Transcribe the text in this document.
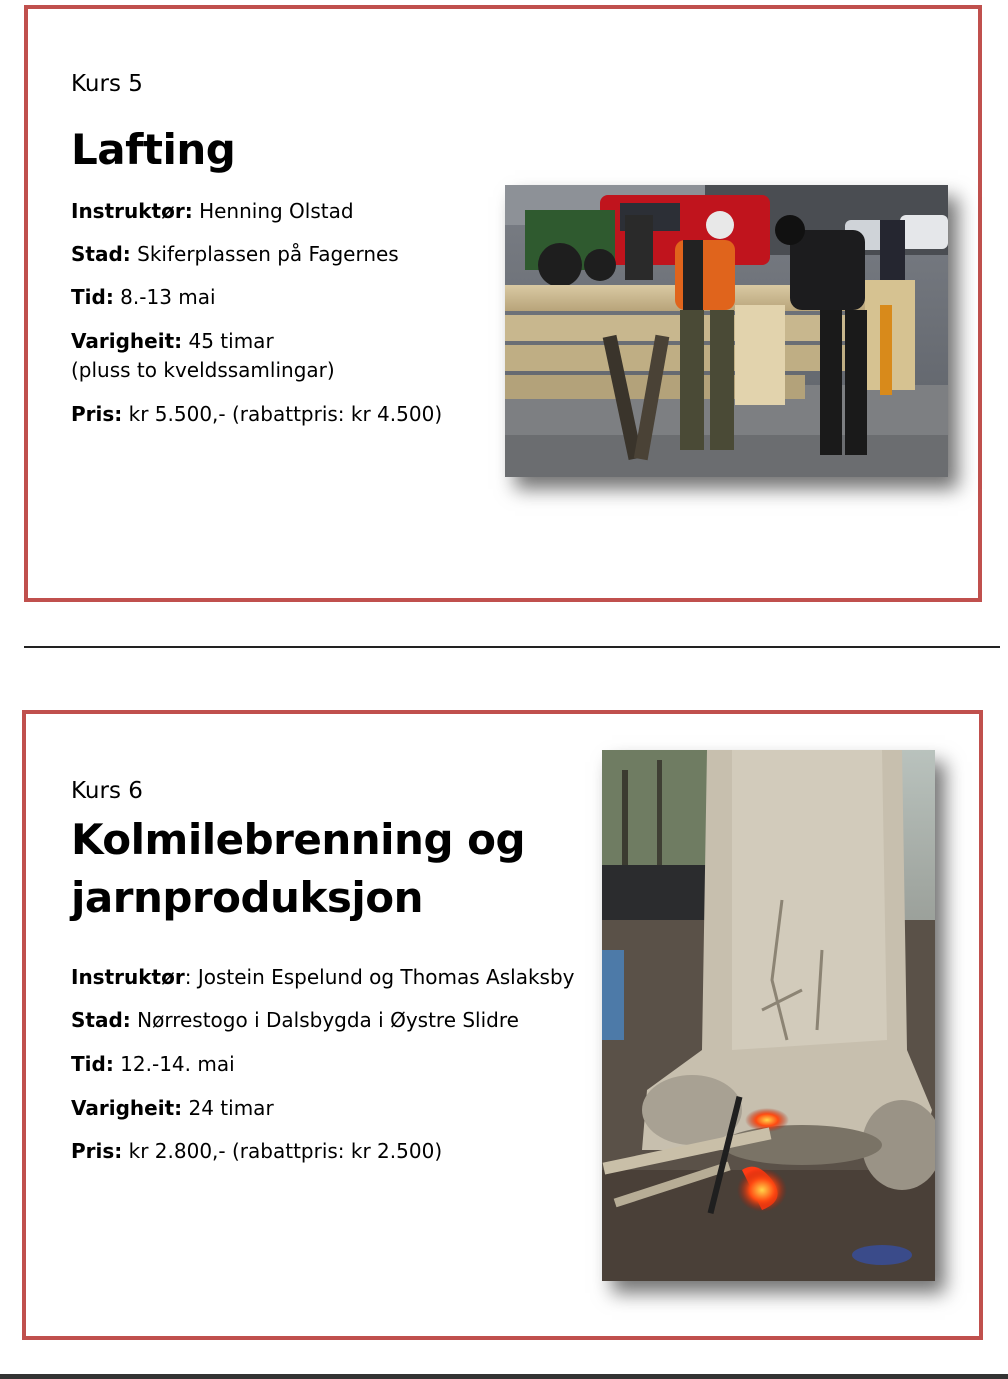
Kurs 5
Lafting
Instruktør: Henning Olstad
Stad: Skiferplassen på Fagernes
Tid: 8.-13 mai
Varigheit: 45 timar
(pluss to kveldssamlingar)
Pris: kr 5.500,- (rabattpris: kr 4.500)
Kurs 6
Kolmilebrenning og
jarnproduksjon
Instruktør: Jostein Espelund og Thomas Aslaksby
Stad: Nørrestogo i Dalsbygda i Øystre Slidre
Tid: 12.-14. mai
Varigheit: 24 timar
Pris: kr 2.800,- (rabattpris: kr 2.500)
